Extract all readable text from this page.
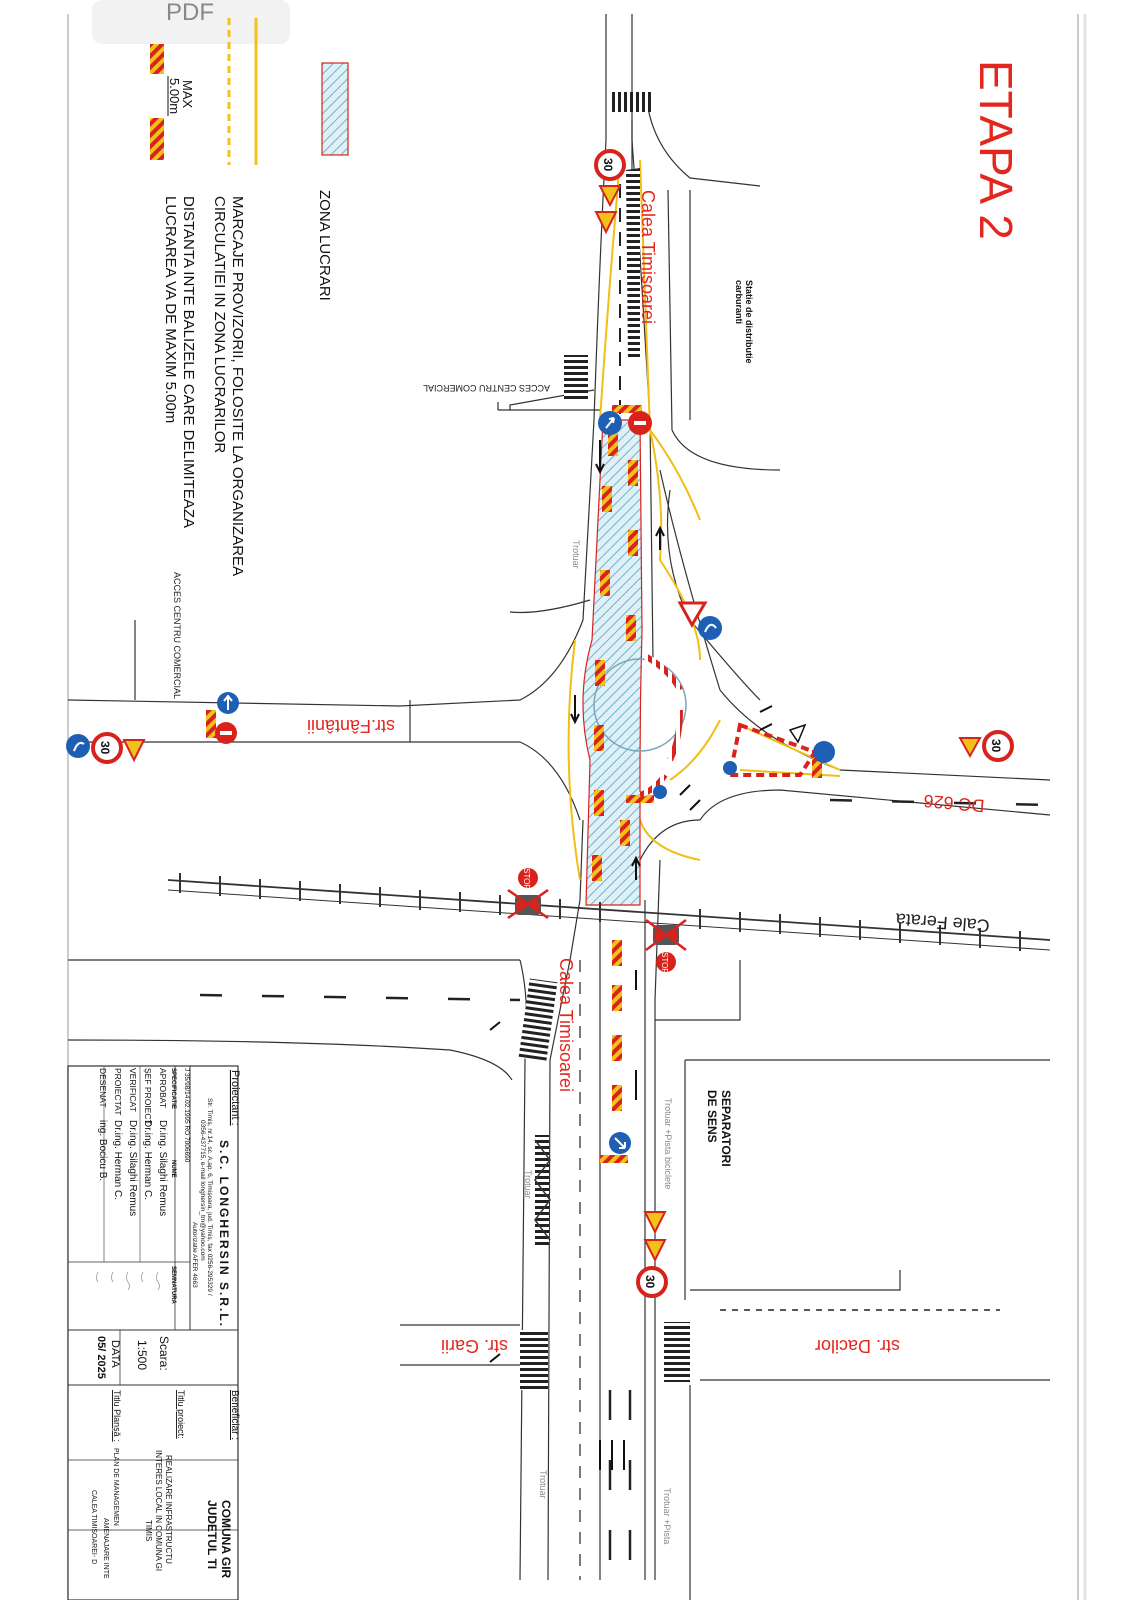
PDF
ETAPA 2
ZONA LUCRARI
MARCAJE PROVIZORII, FOLOSITE LA ORGANIZAREA
CIRCULATIEI IN ZONA LUCRARILOR
MAX
5.00m
DISTANTA INTE BALIZELE CARE DELIMITEAZA
LUCRAREA VA DE MAXIM 5.00m
30
30	30
STOP
STOP
30
Calea Timisoarei
Calea Timisoarei
str.Fântânii
DC 626
Cale Ferata
str. Garii	str. Dacilor
SEPARATORI
DE SENS
Statie de distributie
carburanti
ACCES CENTRU COMERCIAL
ACCES CENTRU COMERCIAL
Trotuar
Trotuar
Trotuar
Trotuar +Pista biciclete
Trotuar +Pista
Proiectant :
S.C. LONGHERSIN S.R.L.
Str. Timiș, nr.14, sc. A,ap. 6, Timișoara, jud. Timiș, fax 0256-295329 /
0356-437715, e-mail longhersin_tm@yahoo.com
Autorizatie AFER 4663
J 35/98/14.02.1995 RO 7006690
SPECIFICATIE
NUME
SEMNATURA
APROBAT
Dr.ing. Silaghi Remus
ȘEF PROIECT
Dr.ing. Herman C.
VERIFICAT
Dr.ing. Silaghi Remus
PROIECTAT
Dr.ing. Herman C.
DESENAT
ing. Bocicu B.
Scara:
1:500
DATA
05/ 2025
Beneficiar :
COMUNA GIR
JUDETUL TI
Titlu proiect:
REALIZARE INFRASTRUCTU
INTERES LOCAL IN COMUNA GI
TIMIS
Titlu Planșă :
PLAN DE MANAGEMEN
AMENAJARE INTE
CALEA TIMISOAREI- D
